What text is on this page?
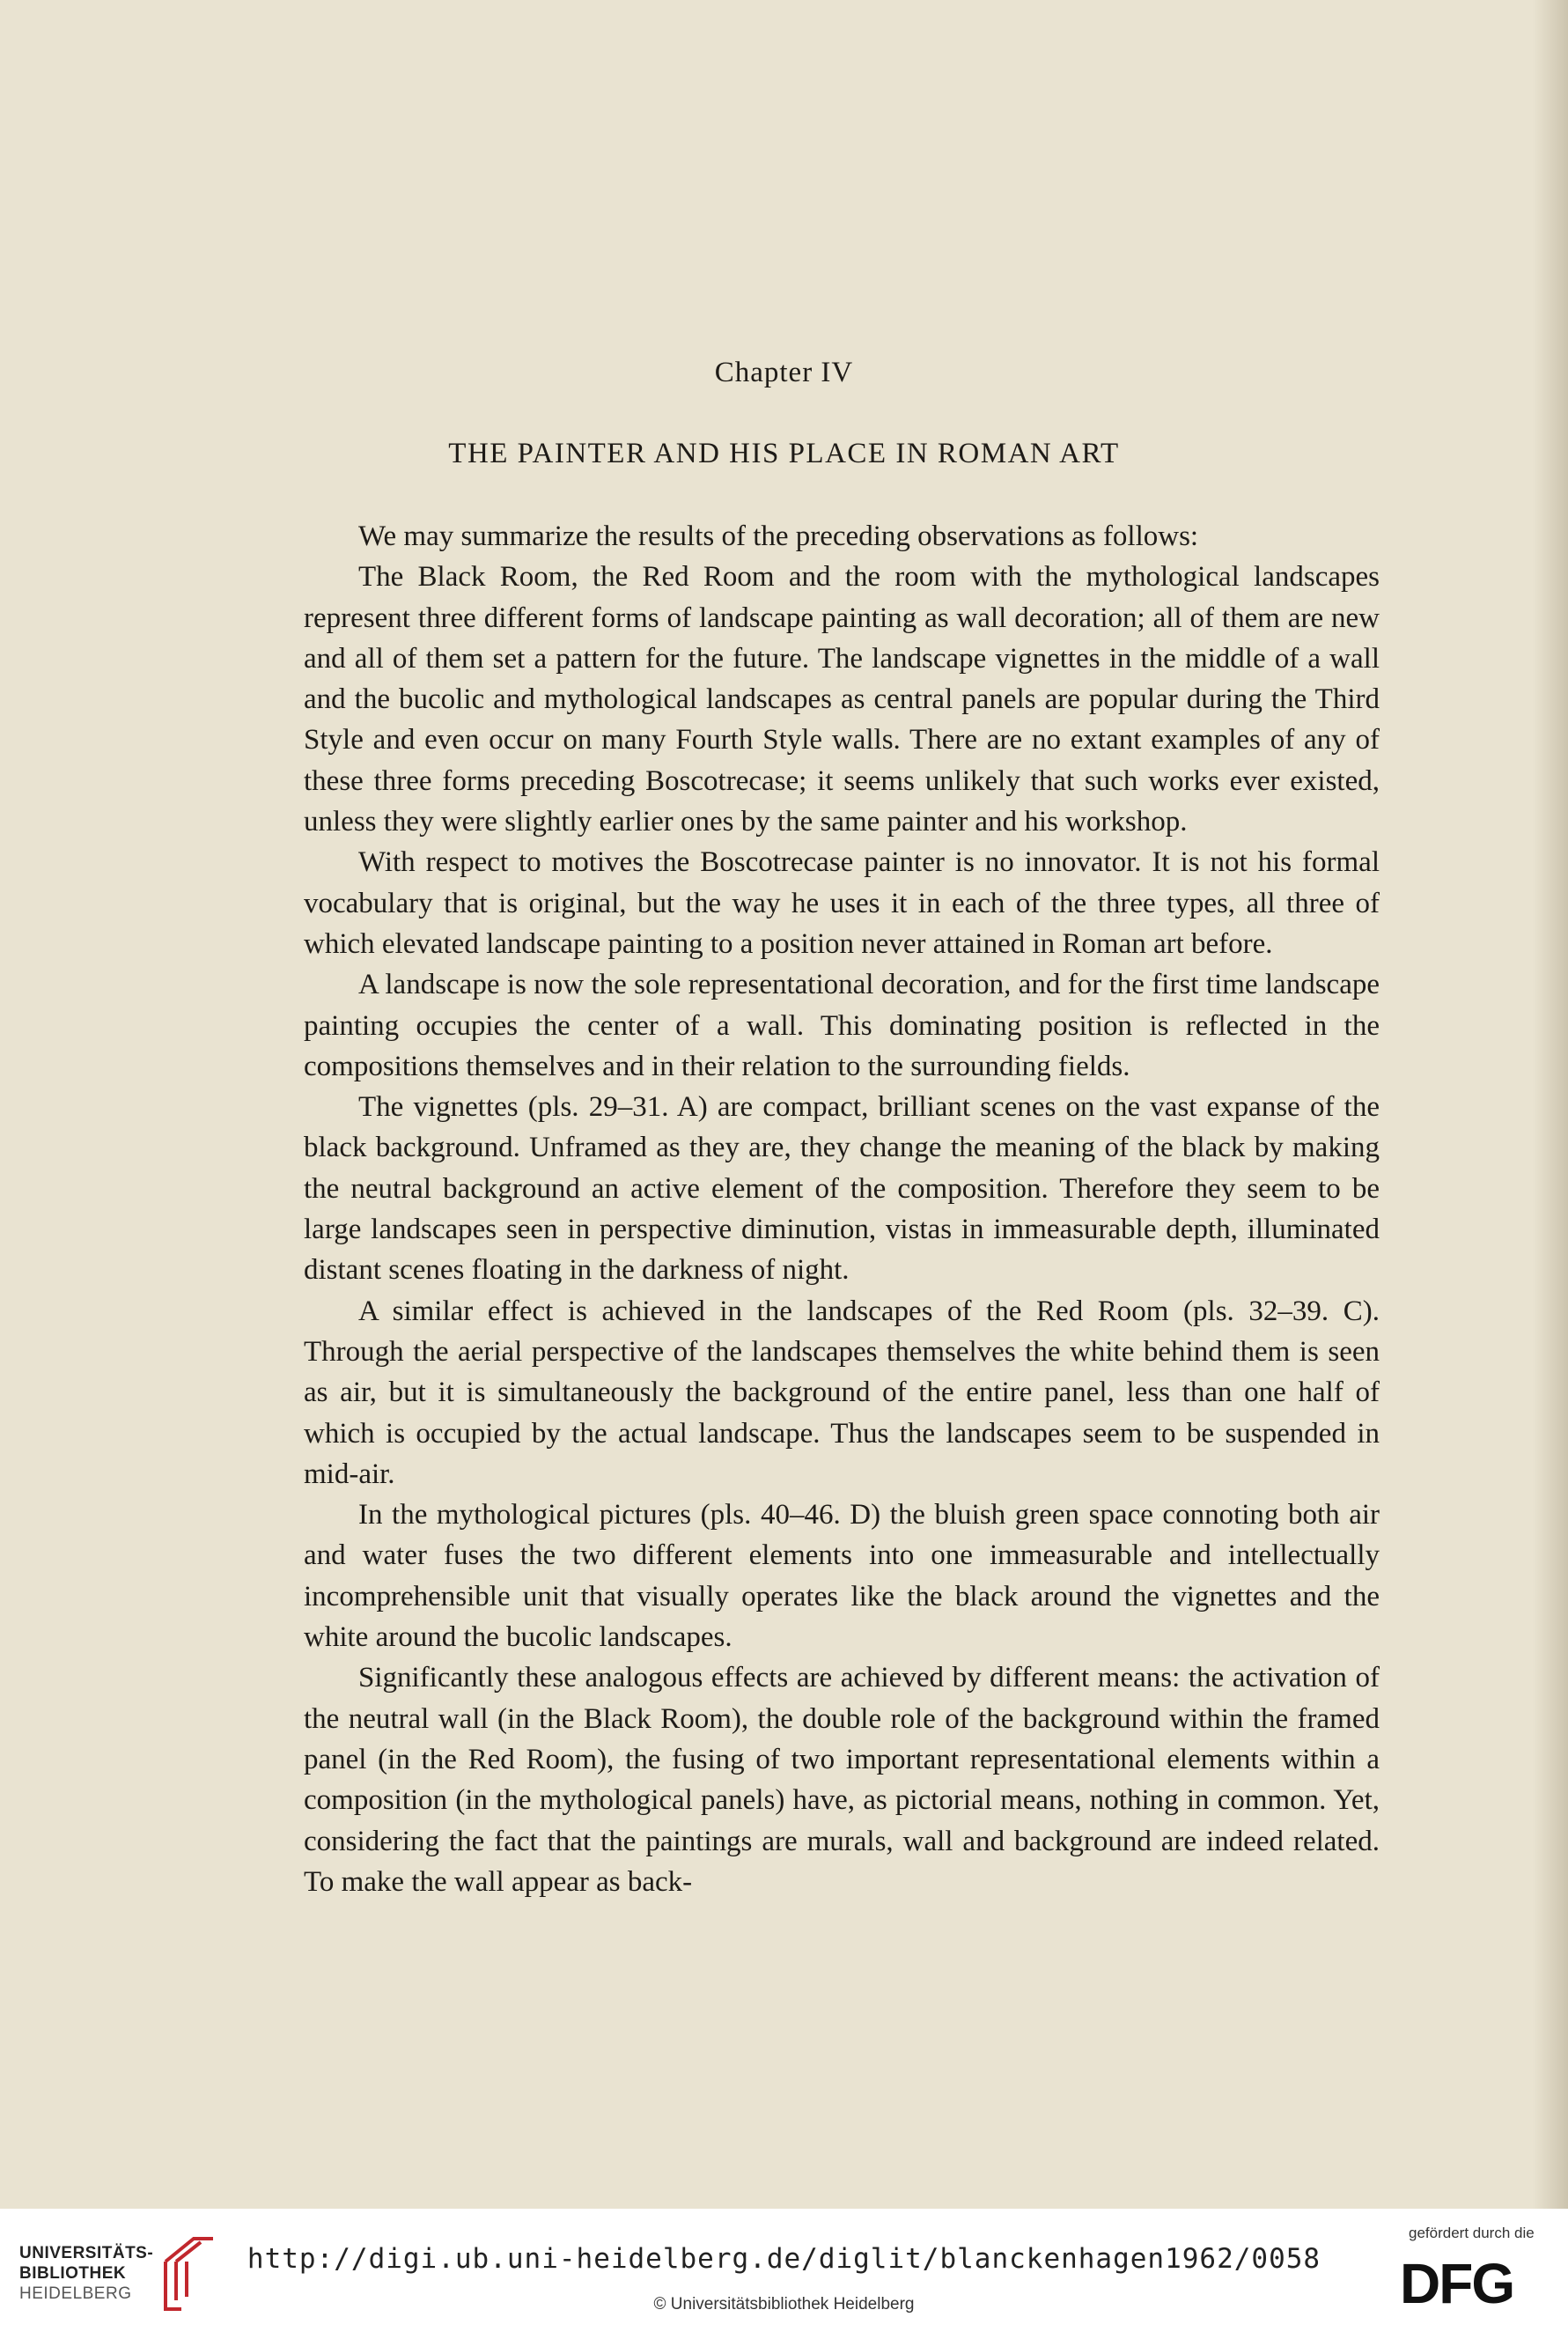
Chapter IV
THE PAINTER AND HIS PLACE IN ROMAN ART

We may summarize the results of the preceding observations as follows:

The Black Room, the Red Room and the room with the mythological landscapes represent three different forms of landscape painting as wall decoration; all of them are new and all of them set a pattern for the future. The landscape vignettes in the middle of a wall and the bucolic and mythological landscapes as central panels are popular during the Third Style and even occur on many Fourth Style walls. There are no extant examples of any of these three forms preceding Boscotrecase; it seems unlikely that such works ever existed, unless they were slightly earlier ones by the same painter and his workshop.

With respect to motives the Boscotrecase painter is no innovator. It is not his formal vocabulary that is original, but the way he uses it in each of the three types, all three of which elevated landscape painting to a position never attained in Roman art before.

A landscape is now the sole representational decoration, and for the first time landscape painting occupies the center of a wall. This dominating position is reflected in the compositions themselves and in their relation to the surrounding fields.

The vignettes (pls. 29–31. A) are compact, brilliant scenes on the vast expanse of the black background. Unframed as they are, they change the meaning of the black by making the neutral background an active element of the composition. Therefore they seem to be large landscapes seen in perspective diminution, vistas in immeasurable depth, illuminated distant scenes floating in the darkness of night.

A similar effect is achieved in the landscapes of the Red Room (pls. 32–39. C). Through the aerial perspective of the landscapes themselves the white behind them is seen as air, but it is simultaneously the background of the entire panel, less than one half of which is occupied by the actual landscape. Thus the landscapes seem to be suspended in mid-air.

In the mythological pictures (pls. 40–46. D) the bluish green space connoting both air and water fuses the two different elements into one immeasurable and intellectually incomprehensible unit that visually operates like the black around the vignettes and the white around the bucolic landscapes.

Significantly these analogous effects are achieved by different means: the activation of the neutral wall (in the Black Room), the double role of the background within the framed panel (in the Red Room), the fusing of two important representational elements within a composition (in the mythological panels) have, as pictorial means, nothing in common. Yet, considering the fact that the paintings are murals, wall and background are indeed related. To make the wall appear as back-

UNIVERSITÄTS-
BIBLIOTHEK
HEIDELBERG
http://digi.ub.uni-heidelberg.de/diglit/blanckenhagen1962/0058
© Universitätsbibliothek Heidelberg
gefördert durch die
DFG
